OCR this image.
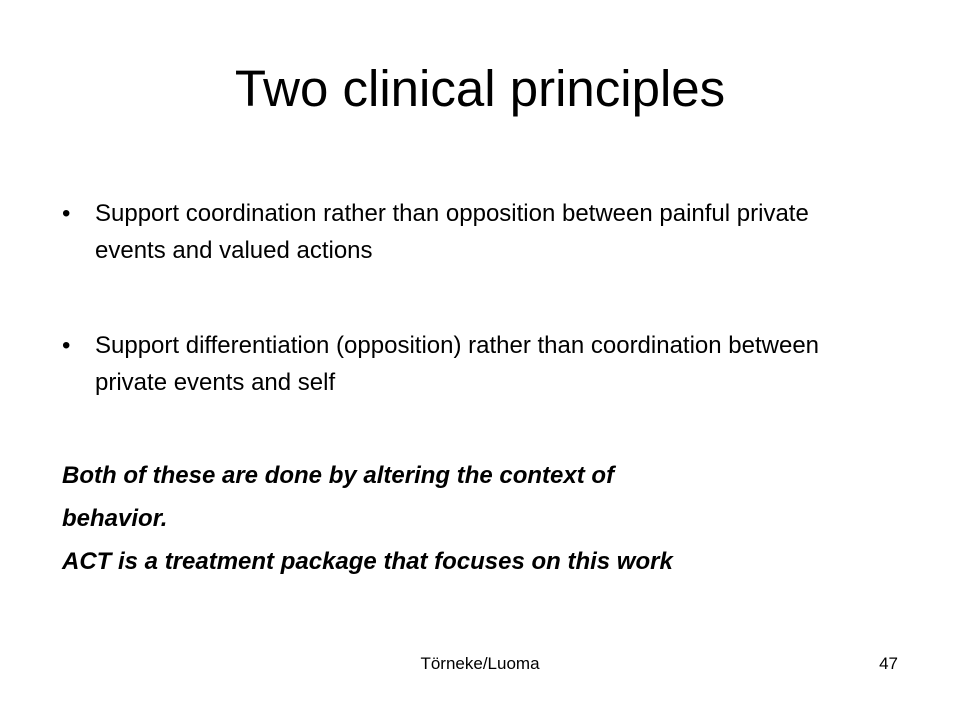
Two clinical principles
• Support coordination rather than opposition between painful private events and valued actions
• Support differentiation (opposition) rather than coordination between private events and self
Both of these are done by altering the context of
behavior.
ACT is a treatment package that focuses on this work
Törneke/Luoma	47
